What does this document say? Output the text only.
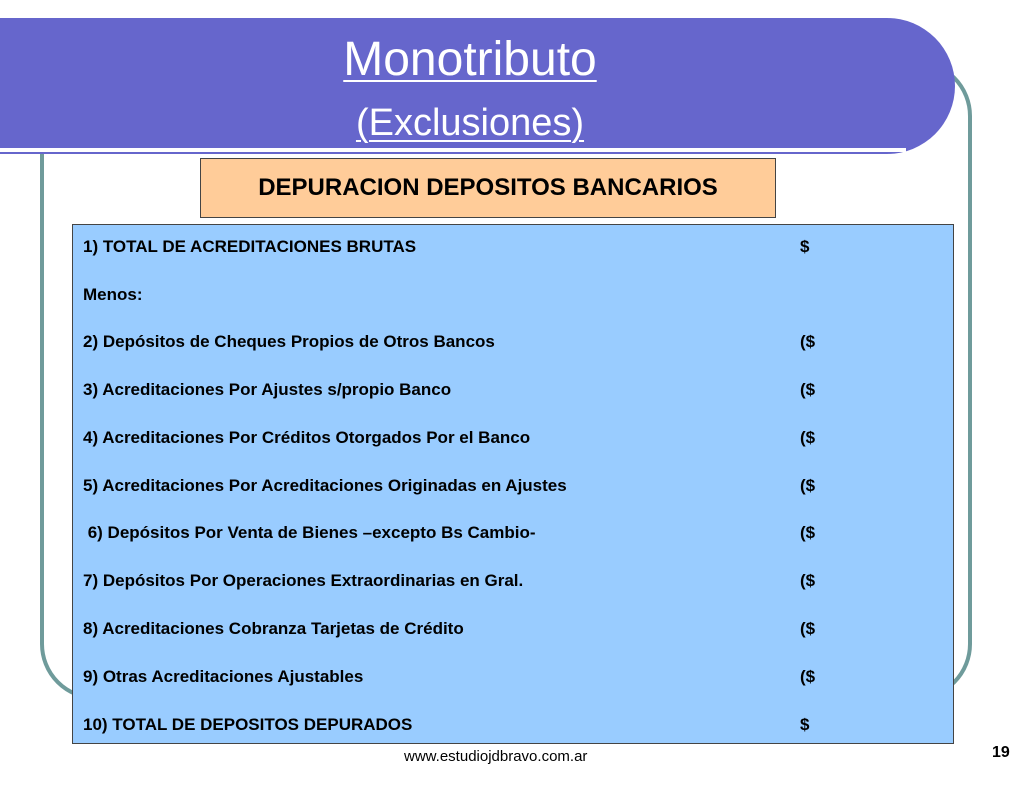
Monotributo
(Exclusiones)
DEPURACION DEPOSITOS BANCARIOS

1) TOTAL DE ACREDITACIONES BRUTAS

	$

Menos:

2) Depósitos de Cheques Propios de Otros Bancos

	($

3) Acreditaciones Por Ajustes s/propio Banco

	($

4) Acreditaciones Por Créditos Otorgados Por el Banco

	($

5) Acreditaciones Por Acreditaciones Originadas en Ajustes

	($

6) Depósitos Por Venta de Bienes –excepto Bs Cambio-

	($

7) Depósitos Por Operaciones Extraordinarias en Gral.

	($

8) Acreditaciones Cobranza Tarjetas de Crédito

	($

9) Otras Acreditaciones Ajustables

	($

10) TOTAL DE DEPOSITOS DEPURADOS

	$

www.estudiojdbravo.com.ar	19
